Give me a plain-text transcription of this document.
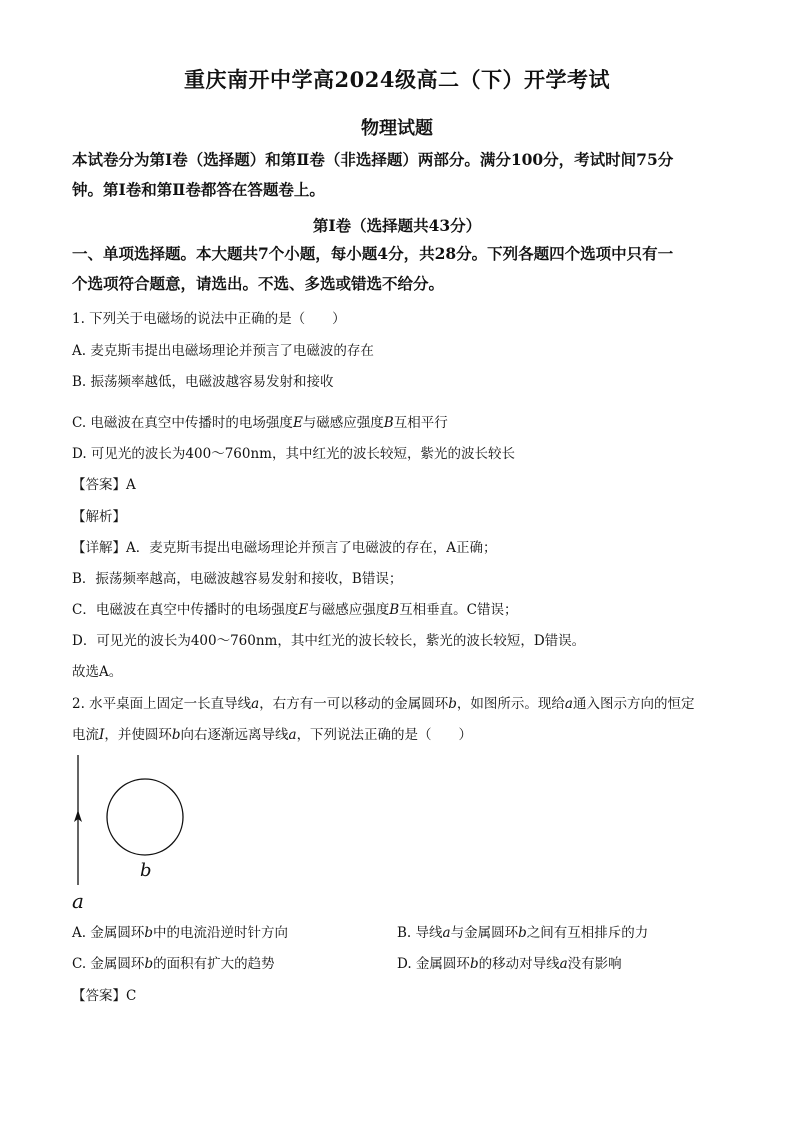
重庆南开中学高2024级高二（下）开学考试
物理试题
本试卷分为第Ⅰ卷（选择题）和第Ⅱ卷（非选择题）两部分。满分100分，考试时间75分
钟。第Ⅰ卷和第Ⅱ卷都答在答题卷上。
第Ⅰ卷（选择题共43分）
一、单项选择题。本大题共7个小题，每小题4分，共28分。下列各题四个选项中只有一
个选项符合题意，请选出。不选、多选或错选不给分。
1. 下列关于电磁场的说法中正确的是（　　）
A. 麦克斯韦提出电磁场理论并预言了电磁波的存在
B. 振荡频率越低，电磁波越容易发射和接收
C. 电磁波在真空中传播时的电场强度E与磁感应强度B互相平行
D. 可见光的波长为400～760nm，其中红光的波长较短，紫光的波长较长
【答案】A
【解析】
【详解】A．麦克斯韦提出电磁场理论并预言了电磁波的存在，A正确；
B．振荡频率越高，电磁波越容易发射和接收，B错误；
C．电磁波在真空中传播时的电场强度E与磁感应强度B互相垂直。C错误；
D．可见光的波长为400～760nm，其中红光的波长较长，紫光的波长较短，D错误。
故选A。
2. 水平桌面上固定一长直导线a，右方有一可以移动的金属圆环b，如图所示。现给a通入图示方向的恒定
电流I，并使圆环b向右逐渐远离导线a，下列说法正确的是（　　）
b
a
A. 金属圆环b中的电流沿逆时针方向	B. 导线a与金属圆环b之间有互相排斥的力
C. 金属圆环b的面积有扩大的趋势	D. 金属圆环b的移动对导线a没有影响
【答案】C
